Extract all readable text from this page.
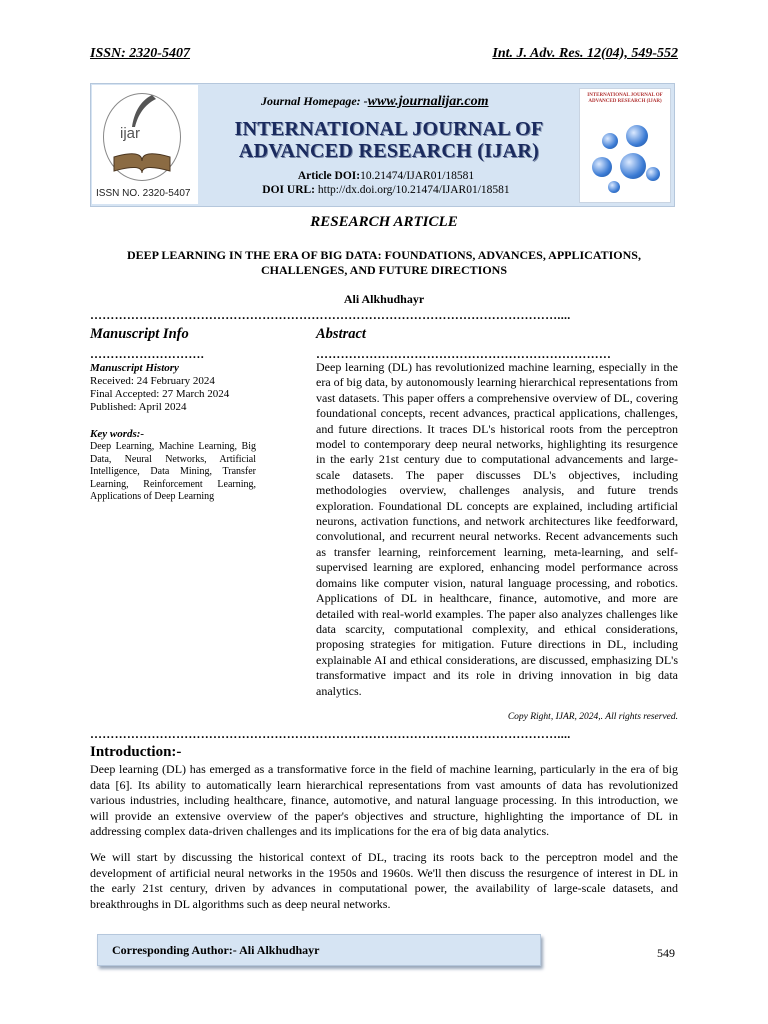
ISSN: 2320-5407	Int. J. Adv. Res. 12(04), 549-552
ijar
ISSN NO. 2320-5407
Journal Homepage: -www.journalijar.com
INTERNATIONAL JOURNAL OF
ADVANCED RESEARCH (IJAR)
Article DOI:10.21474/IJAR01/18581
DOI URL: http://dx.doi.org/10.21474/IJAR01/18581
INTERNATIONAL JOURNAL OF ADVANCED RESEARCH (IJAR)
RESEARCH ARTICLE
DEEP LEARNING IN THE ERA OF BIG DATA: FOUNDATIONS, ADVANCES, APPLICATIONS,
CHALLENGES, AND FUTURE DIRECTIONS
Ali Alkhudhayr
……………………………………………………………………………………………………....
Manuscript Info
……………………….
Manuscript History
Received: 24 February 2024
Final Accepted: 27 March 2024
Published: April 2024
Key words:-
Deep Learning, Machine Learning, Big Data, Neural Networks, Artificial Intelligence, Data Mining, Transfer Learning, Reinforcement Learning, Applications of Deep Learning
Abstract
………………………………………………………………
Deep learning (DL) has revolutionized machine learning, especially in the era of big data, by autonomously learning hierarchical representations from vast datasets. This paper offers a comprehensive overview of DL, covering foundational concepts, recent advances, practical applications, challenges, and future directions. It traces DL's historical roots from the perceptron model to contemporary deep neural networks, highlighting its resurgence in the early 21st century due to computational advancements and large-scale datasets. The paper discusses DL's objectives, including methodologies overview, challenges analysis, and future trends exploration. Foundational DL concepts are explained, including artificial neurons, activation functions, and network architectures like feedforward, convolutional, and recurrent neural networks. Recent advancements such as transfer learning, reinforcement learning, meta-learning, and self-supervised learning are explored, enhancing model performance across domains like computer vision, natural language processing, and robotics. Applications of DL in healthcare, finance, automotive, and more are detailed with real-world examples. The paper also analyzes challenges like data scarcity, computational complexity, and ethical considerations, proposing strategies for mitigation. Future directions in DL, including explainable AI and ethical considerations, are discussed, emphasizing DL's transformative impact and its role in driving innovation in big data analytics.
Copy Right, IJAR, 2024,. All rights reserved.
……………………………………………………………………………………………………....
Introduction:-
Deep learning (DL) has emerged as a transformative force in the field of machine learning, particularly in the era of big data [6]. Its ability to automatically learn hierarchical representations from vast amounts of data has revolutionized various industries, including healthcare, finance, automotive, and natural language processing. In this introduction, we will provide an extensive overview of the paper's objectives and structure, highlighting the importance of DL in addressing complex data-driven challenges and its implications for the era of big data analytics.
We will start by discussing the historical context of DL, tracing its roots back to the perceptron model and the development of artificial neural networks in the 1950s and 1960s. We'll then discuss the resurgence of interest in DL in the early 21st century, driven by advances in computational power, the availability of large-scale datasets, and breakthroughs in DL algorithms such as deep neural networks.
Corresponding Author:- Ali Alkhudhayr	549
